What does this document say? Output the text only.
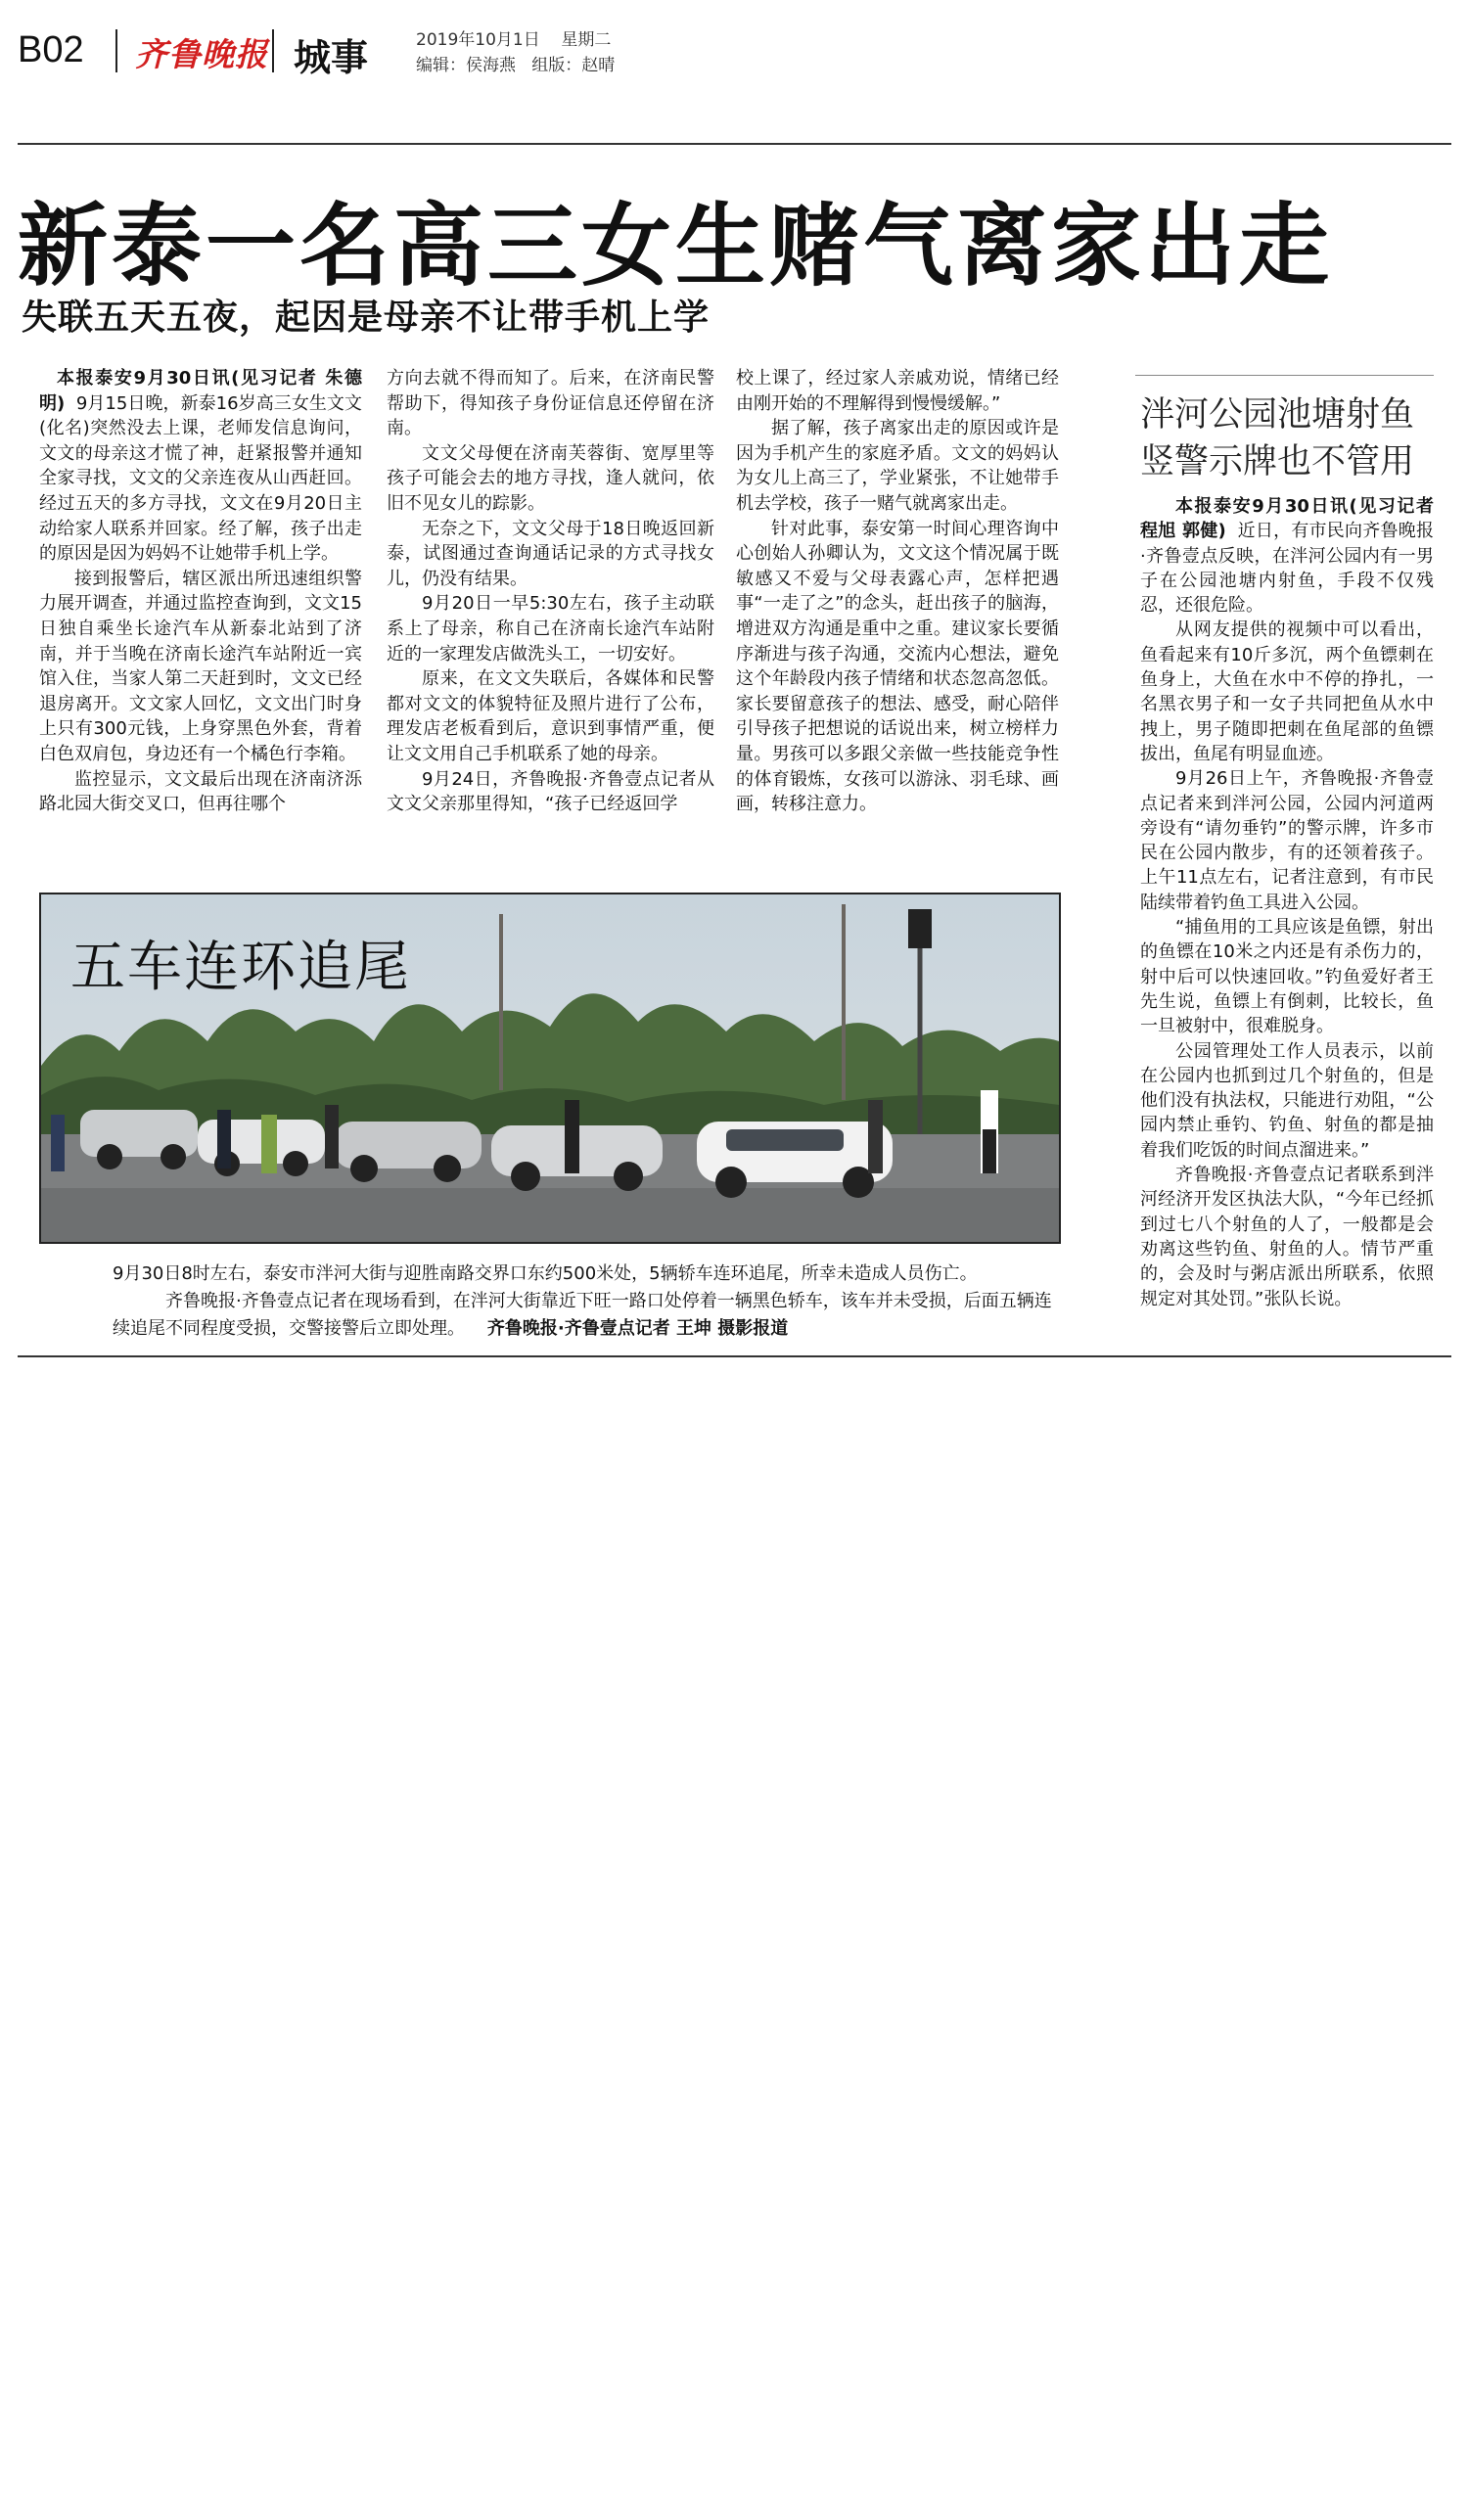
B02 齐鲁晚报 城事	2019年10月1日 星期二
编辑：侯海燕 组版：赵晴
新泰一名高三女生赌气离家出走
失联五天五夜，起因是母亲不让带手机上学

本报泰安9月30日讯(见习记者 朱德明) 9月15日晚，新泰16岁高三女生文文(化名)突然没去上课，老师发信息询问，文文的母亲这才慌了神，赶紧报警并通知全家寻找，文文的父亲连夜从山西赶回。经过五天的多方寻找，文文在9月20日主动给家人联系并回家。经了解，孩子出走的原因是因为妈妈不让她带手机上学。

接到报警后，辖区派出所迅速组织警力展开调查，并通过监控查询到，文文15日独自乘坐长途汽车从新泰北站到了济南，并于当晚在济南长途汽车站附近一宾馆入住，当家人第二天赶到时，文文已经退房离开。文文家人回忆，文文出门时身上只有300元钱，上身穿黑色外套，背着白色双肩包，身边还有一个橘色行李箱。

监控显示，文文最后出现在济南济泺路北园大街交叉口，但再往哪个

方向去就不得而知了。后来，在济南民警帮助下，得知孩子身份证信息还停留在济南。

文文父母便在济南芙蓉街、宽厚里等孩子可能会去的地方寻找，逢人就问，依旧不见女儿的踪影。

无奈之下，文文父母于18日晚返回新泰，试图通过查询通话记录的方式寻找女儿，仍没有结果。

9月20日一早5:30左右，孩子主动联系上了母亲，称自己在济南长途汽车站附近的一家理发店做洗头工，一切安好。

原来，在文文失联后，各媒体和民警都对文文的体貌特征及照片进行了公布，理发店老板看到后，意识到事情严重，便让文文用自己手机联系了她的母亲。

9月24日，齐鲁晚报·齐鲁壹点记者从文文父亲那里得知，“孩子已经返回学

校上课了，经过家人亲戚劝说，情绪已经由刚开始的不理解得到慢慢缓解。”

据了解，孩子离家出走的原因或许是因为手机产生的家庭矛盾。文文的妈妈认为女儿上高三了，学业紧张，不让她带手机去学校，孩子一赌气就离家出走。

针对此事，泰安第一时间心理咨询中心创始人孙卿认为，文文这个情况属于既敏感又不爱与父母表露心声，怎样把遇事“一走了之”的念头，赶出孩子的脑海，增进双方沟通是重中之重。建议家长要循序渐进与孩子沟通，交流内心想法，避免这个年龄段内孩子情绪和状态忽高忽低。家长要留意孩子的想法、感受，耐心陪伴引导孩子把想说的话说出来，树立榜样力量。男孩可以多跟父亲做一些技能竞争性的体育锻炼，女孩可以游泳、羽毛球、画画，转移注意力。

泮河公园池塘射鱼
竖警示牌也不管用

本报泰安9月30日讯(见习记者 程旭 郭健) 近日，有市民向齐鲁晚报·齐鲁壹点反映，在泮河公园内有一男子在公园池塘内射鱼，手段不仅残忍，还很危险。

从网友提供的视频中可以看出，鱼看起来有10斤多沉，两个鱼镖刺在鱼身上，大鱼在水中不停的挣扎，一名黑衣男子和一女子共同把鱼从水中拽上，男子随即把刺在鱼尾部的鱼镖拔出，鱼尾有明显血迹。

9月26日上午，齐鲁晚报·齐鲁壹点记者来到泮河公园，公园内河道两旁设有“请勿垂钓”的警示牌，许多市民在公园内散步，有的还领着孩子。上午11点左右，记者注意到，有市民陆续带着钓鱼工具进入公园。

“捕鱼用的工具应该是鱼镖，射出的鱼镖在10米之内还是有杀伤力的，射中后可以快速回收。”钓鱼爱好者王先生说，鱼镖上有倒刺，比较长，鱼一旦被射中，很难脱身。

公园管理处工作人员表示，以前在公园内也抓到过几个射鱼的，但是他们没有执法权，只能进行劝阻，“公园内禁止垂钓、钓鱼、射鱼的都是抽着我们吃饭的时间点溜进来。”

齐鲁晚报·齐鲁壹点记者联系到泮河经济开发区执法大队，“今年已经抓到过七八个射鱼的人了，一般都是会劝离这些钓鱼、射鱼的人。情节严重的，会及时与粥店派出所联系，依照规定对其处罚。”张队长说。

五车连环追尾

9月30日8时左右，泰安市泮河大街与迎胜南路交界口东约500米处，5辆轿车连环追尾，所幸未造成人员伤亡。

齐鲁晚报·齐鲁壹点记者在现场看到，在泮河大街靠近下旺一路口处停着一辆黑色轿车，该车并未受损，后面五辆连续追尾不同程度受损，交警接警后立即处理。 齐鲁晚报·齐鲁壹点记者 王坤 摄影报道
